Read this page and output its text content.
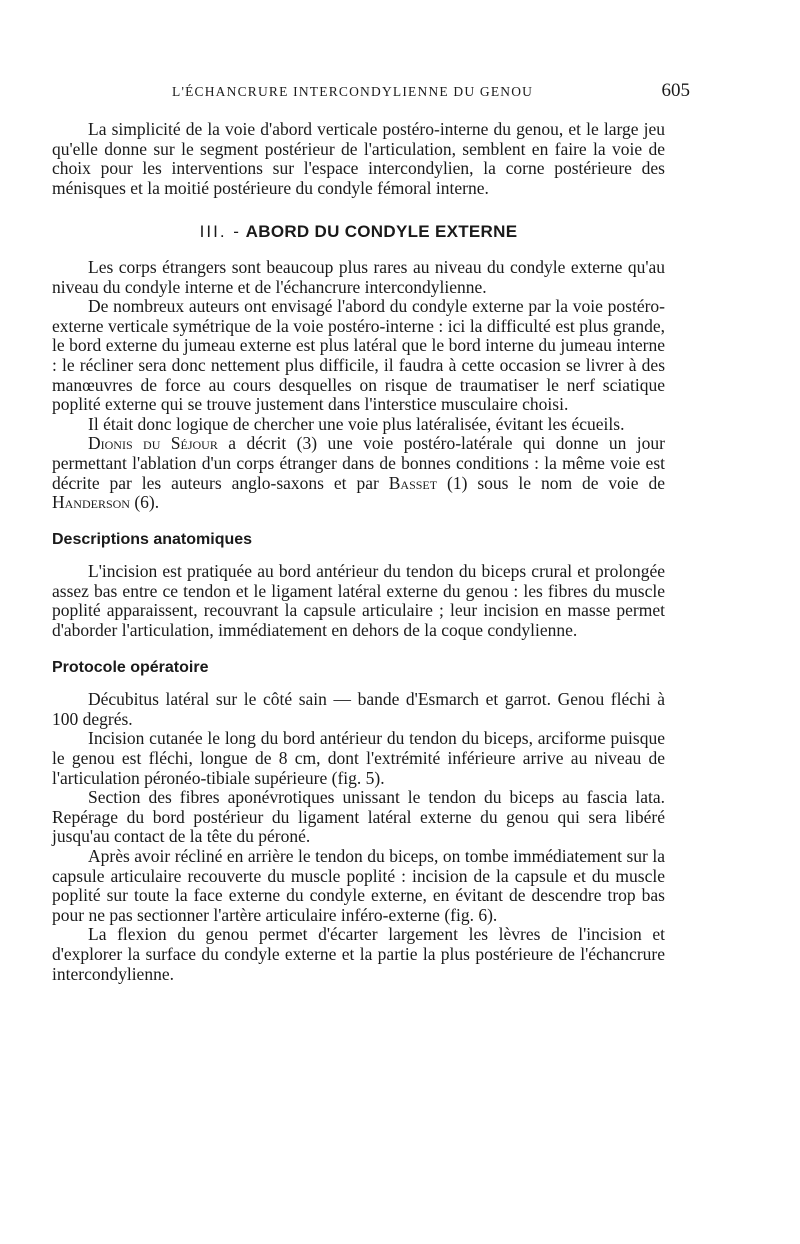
L'ÉCHANCRURE INTERCONDYLIENNE DU GENOU	605

La simplicité de la voie d'abord verticale postéro-interne du genou, et le large jeu qu'elle donne sur le segment postérieur de l'articulation, semblent en faire la voie de choix pour les interventions sur l'espace intercondylien, la corne postérieure des ménisques et la moitié postérieure du condyle fémoral interne.

III. - ABORD DU CONDYLE EXTERNE

Les corps étrangers sont beaucoup plus rares au niveau du condyle externe qu'au niveau du condyle interne et de l'échancrure intercondylienne.

De nombreux auteurs ont envisagé l'abord du condyle externe par la voie postéro-externe verticale symétrique de la voie postéro-interne : ici la difficulté est plus grande, le bord externe du jumeau externe est plus latéral que le bord interne du jumeau interne : le récliner sera donc nettement plus difficile, il faudra à cette occasion se livrer à des manœuvres de force au cours desquelles on risque de traumatiser le nerf sciatique poplité externe qui se trouve justement dans l'interstice musculaire choisi.

Il était donc logique de chercher une voie plus latéralisée, évitant les écueils.

Dionis du Séjour a décrit (3) une voie postéro-latérale qui donne un jour permettant l'ablation d'un corps étranger dans de bonnes conditions : la même voie est décrite par les auteurs anglo-saxons et par Basset (1) sous le nom de voie de Handerson (6).

Descriptions anatomiques

L'incision est pratiquée au bord antérieur du tendon du biceps crural et prolongée assez bas entre ce tendon et le ligament latéral externe du genou : les fibres du muscle poplité apparaissent, recouvrant la capsule articulaire ; leur incision en masse permet d'aborder l'articulation, immédiatement en dehors de la coque condylienne.

Protocole opératoire

Décubitus latéral sur le côté sain — bande d'Esmarch et garrot. Genou fléchi à 100 degrés.

Incision cutanée le long du bord antérieur du tendon du biceps, arciforme puisque le genou est fléchi, longue de 8 cm, dont l'extrémité inférieure arrive au niveau de l'articulation péronéo-tibiale supérieure (fig. 5).

Section des fibres aponévrotiques unissant le tendon du biceps au fascia lata. Repérage du bord postérieur du ligament latéral externe du genou qui sera libéré jusqu'au contact de la tête du péroné.

Après avoir récliné en arrière le tendon du biceps, on tombe immédiatement sur la capsule articulaire recouverte du muscle poplité : incision de la capsule et du muscle poplité sur toute la face externe du condyle externe, en évitant de descendre trop bas pour ne pas sectionner l'artère articulaire inféro-externe (fig. 6).

La flexion du genou permet d'écarter largement les lèvres de l'incision et d'explorer la surface du condyle externe et la partie la plus postérieure de l'échancrure intercondylienne.
